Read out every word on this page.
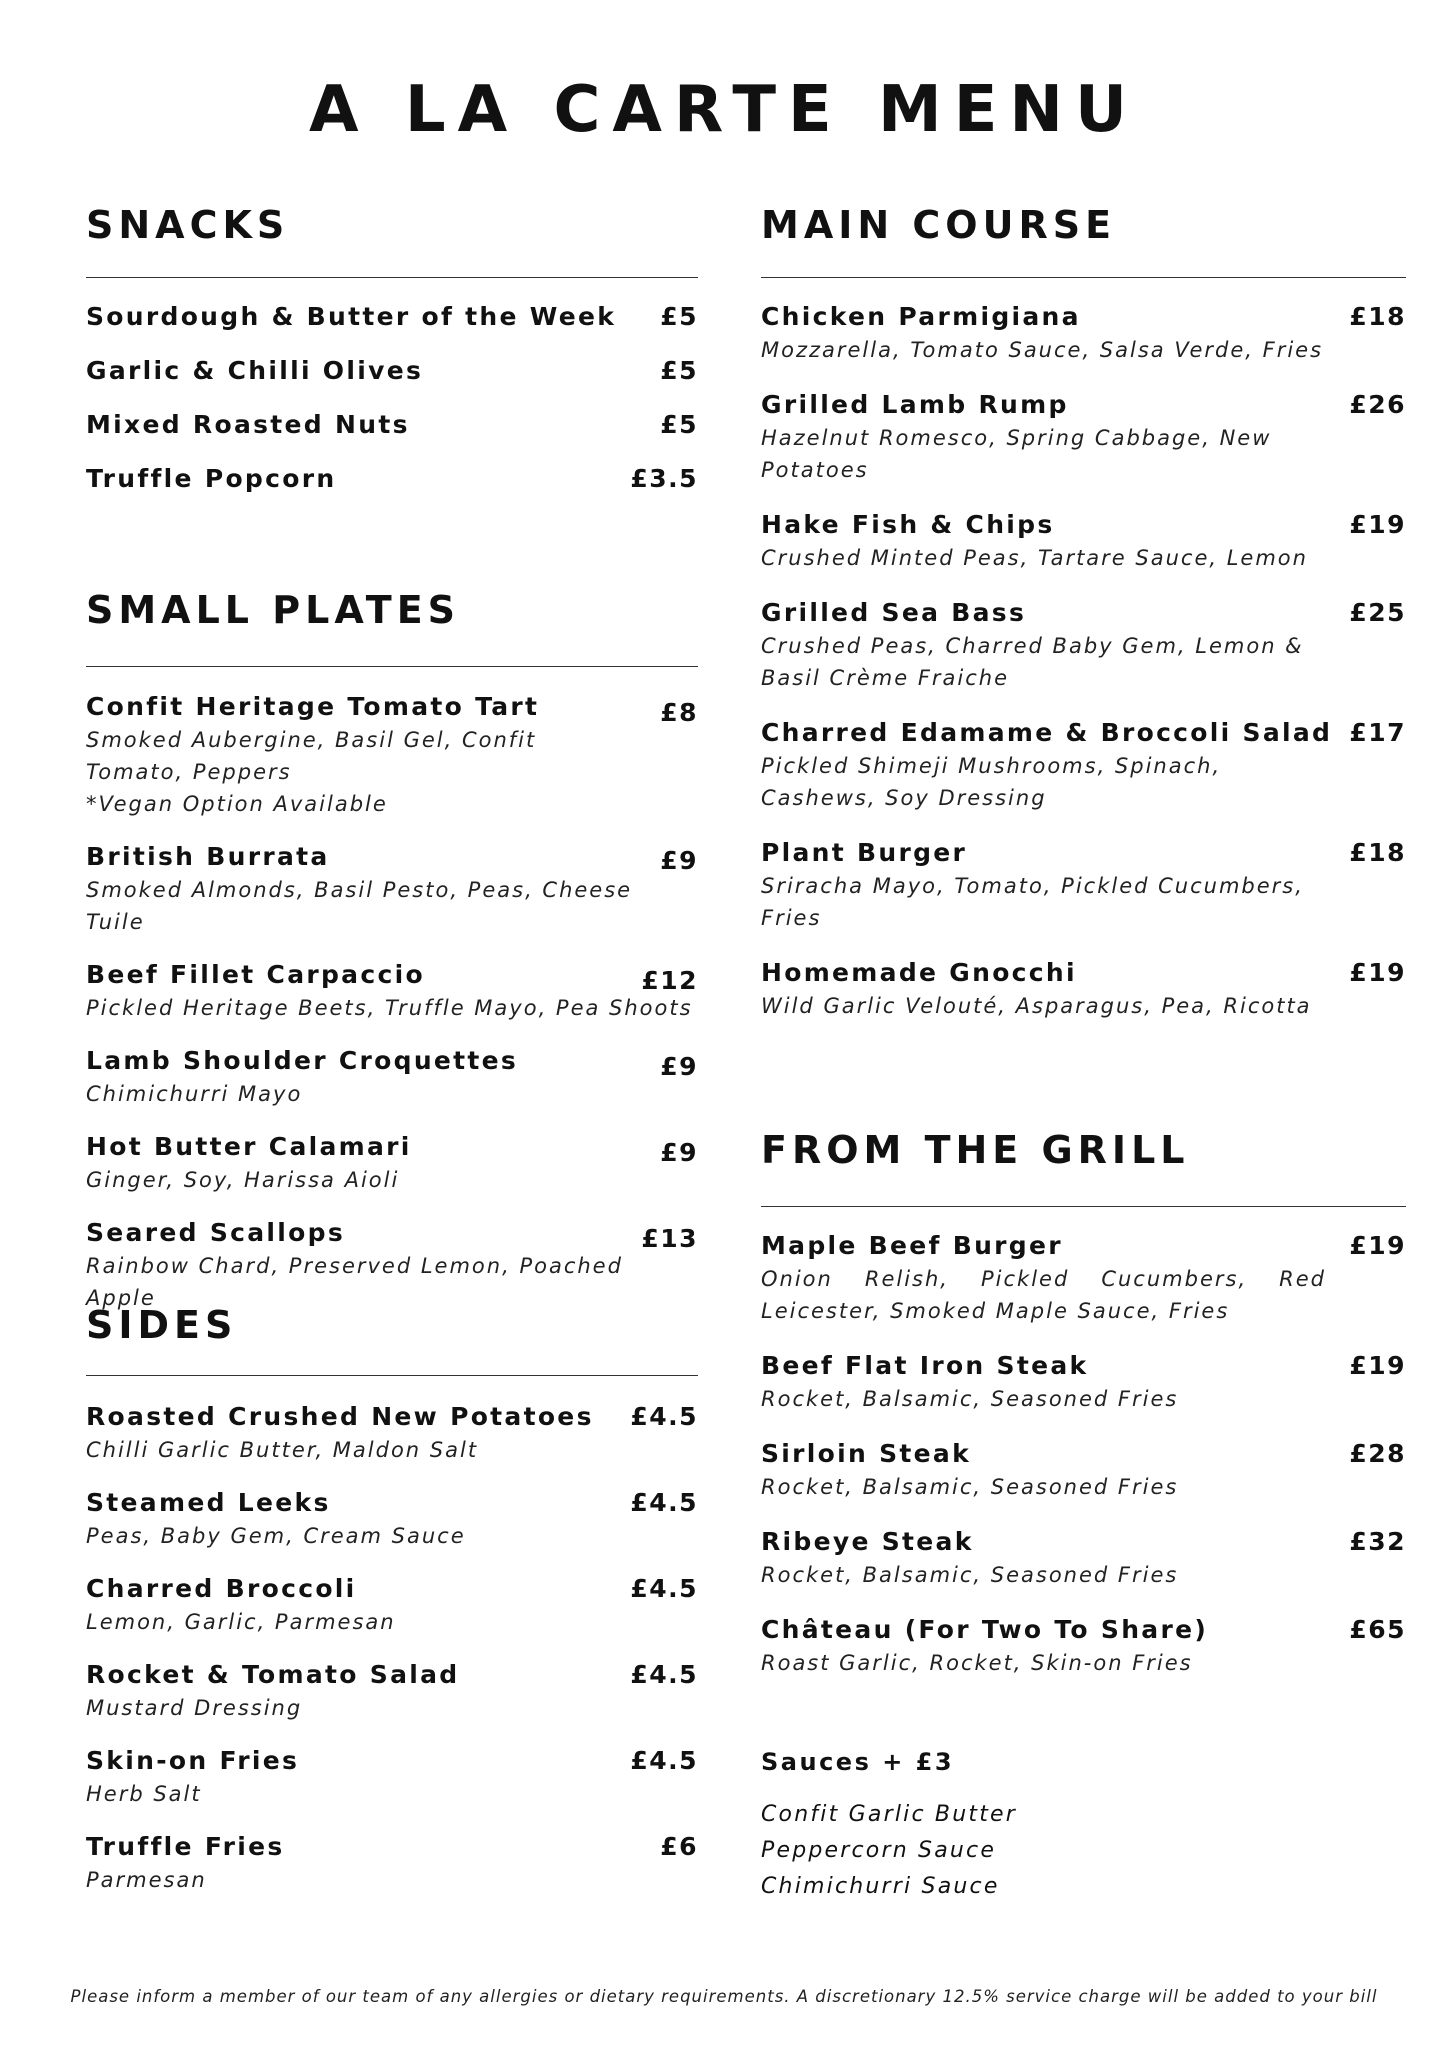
A LA CARTE MENU
SNACKS
Sourdough & Butter of the Week £5
Garlic & Chilli Olives	£5
Mixed Roasted Nuts	£5
Truffle Popcorn	£3.5
SMALL PLATES
Confit Heritage Tomato Tart	£8
Smoked Aubergine, Basil Gel, Confit Tomato, Peppers
*Vegan Option Available
British Burrata	£9
Smoked Almonds, Basil Pesto, Peas, Cheese Tuile
Beef Fillet Carpaccio	£12
Pickled Heritage Beets, Truffle Mayo, Pea Shoots
Lamb Shoulder Croquettes	£9
Chimichurri Mayo
Hot Butter Calamari	£9
Ginger, Soy, Harissa Aioli
Seared Scallops	£13
Rainbow Chard, Preserved Lemon, Poached Apple
SIDES
Roasted Crushed New Potatoes £4.5
Chilli Garlic Butter, Maldon Salt
Steamed Leeks	£4.5
Peas, Baby Gem, Cream Sauce
Charred Broccoli	£4.5
Lemon, Garlic, Parmesan
Rocket & Tomato Salad	£4.5
Mustard Dressing
Skin-on Fries	£4.5
Herb Salt
Truffle Fries	£6
Parmesan
MAIN COURSE
Chicken Parmigiana	£18
Mozzarella, Tomato Sauce, Salsa Verde, Fries
Grilled Lamb Rump	£26
Hazelnut Romesco, Spring Cabbage, New Potatoes
Hake Fish & Chips	£19
Crushed Minted Peas, Tartare Sauce, Lemon
Grilled Sea Bass	£25
Crushed Peas, Charred Baby Gem, Lemon & Basil Crème Fraiche
Charred Edamame & Broccoli Salad £17
Pickled Shimeji Mushrooms, Spinach, Cashews, Soy Dressing
Plant Burger	£18
Sriracha Mayo, Tomato, Pickled Cucumbers, Fries
Homemade Gnocchi	£19
Wild Garlic Velouté, Asparagus, Pea, Ricotta
FROM THE GRILL
Maple Beef Burger	£19
Onion Relish, Pickled Cucumbers, Red Leicester, Smoked Maple Sauce, Fries
Beef Flat Iron Steak	£19
Rocket, Balsamic, Seasoned Fries
Sirloin Steak	£28
Rocket, Balsamic, Seasoned Fries
Ribeye Steak	£32
Rocket, Balsamic, Seasoned Fries
Château (For Two To Share)	£65
Roast Garlic, Rocket, Skin-on Fries
Sauces + £3
Confit Garlic Butter
Peppercorn Sauce
Chimichurri Sauce
Please inform a member of our team of any allergies or dietary requirements. A discretionary 12.5% service charge will be added to your bill
